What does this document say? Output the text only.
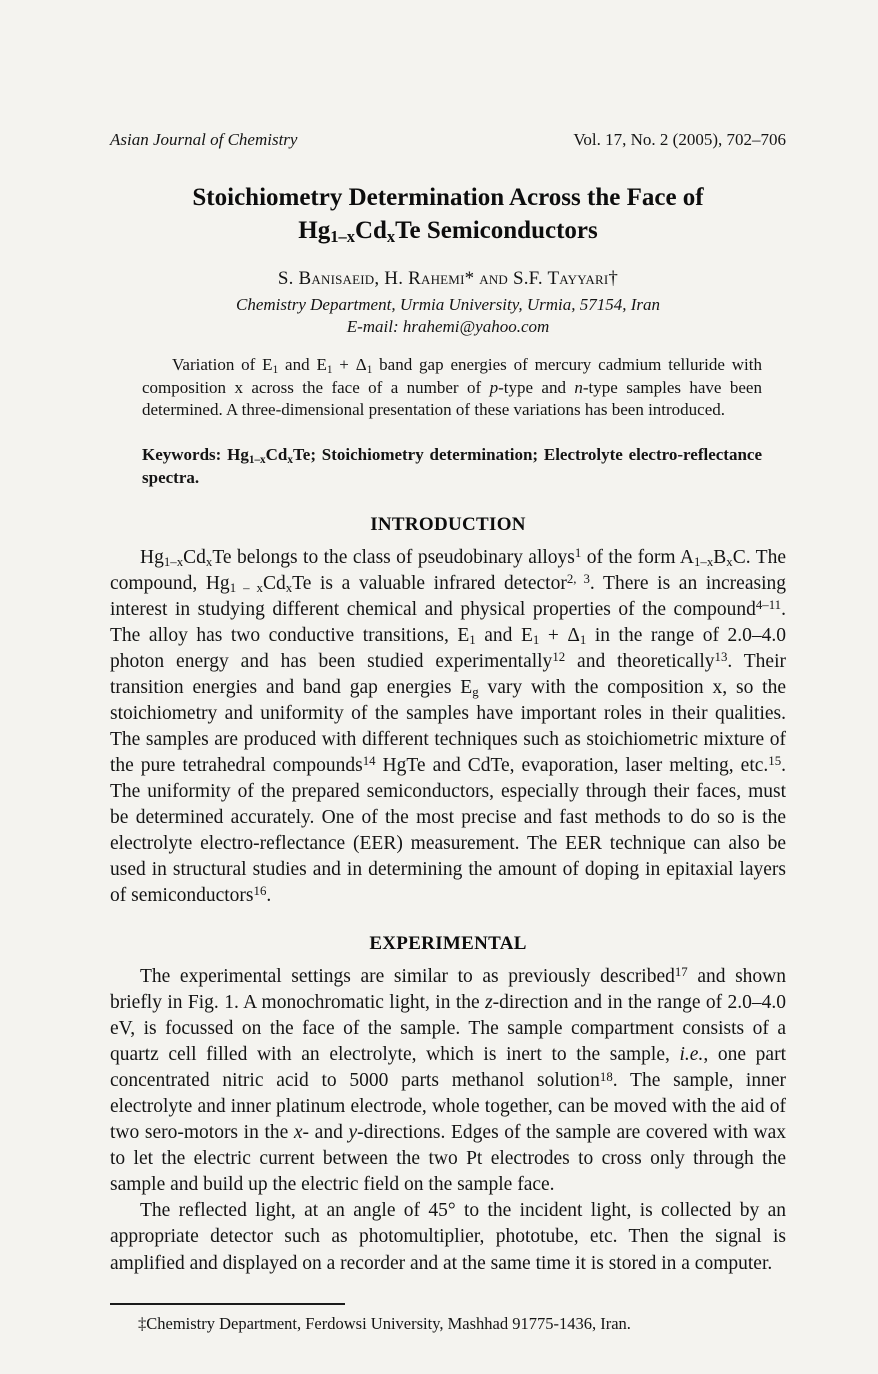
Asian Journal of Chemistry	Vol. 17, No. 2 (2005), 702–706
Stoichiometry Determination Across the Face of
$Hg_{1-x}Cd_xTe$ Semiconductors
S. Banisaeid, H. Rahemi* and S.F. Tayyari†
Chemistry Department, Urmia University, Urmia, 57154, Iran
E-mail: hrahemi@yahoo.com
Variation of $E_1$ and $E_1 + \Delta_1$ band gap energies of mercury cadmium telluride with composition x across the face of a number of p-type and n-type samples have been determined. A three-dimensional presentation of these variations has been introduced.
Keywords: $Hg_{1-x}Cd_xTe$; Stoichiometry determination; Electrolyte electro-reflectance spectra.
INTRODUCTION

$Hg_{1-x}Cd_xTe$ belongs to the class of pseudobinary alloys$^1$ of the form $A_{1-x}B_xC$. The compound, $Hg_{1 - x}Cd_xTe$ is a valuable infrared detector$^{2, 3}$. There is an increasing interest in studying different chemical and physical properties of the compound$^{4-11}$. The alloy has two conductive transitions, $E_1$ and $E_1 + \Delta_1$ in the range of 2.0–4.0 photon energy and has been studied experimentally$^{12}$ and theoretically$^{13}$. Their transition energies and band gap energies $E_g$ vary with the composition x, so the stoichiometry and uniformity of the samples have important roles in their qualities. The samples are produced with different techniques such as stoichiometric mixture of the pure tetrahedral compounds$^{14}$ HgTe and CdTe, evaporation, laser melting, etc.$^{15}$. The uniformity of the prepared semiconductors, especially through their faces, must be determined accurately. One of the most precise and fast methods to do so is the electrolyte electro-reflectance (EER) measurement. The EER technique can also be used in structural studies and in determining the amount of doping in epitaxial layers of semiconductors$^{16}$.

EXPERIMENTAL

The experimental settings are similar to as previously described$^{17}$ and shown briefly in Fig. 1. A monochromatic light, in the z-direction and in the range of 2.0–4.0 eV, is focussed on the face of the sample. The sample compartment consists of a quartz cell filled with an electrolyte, which is inert to the sample, i.e., one part concentrated nitric acid to 5000 parts methanol solution$^{18}$. The sample, inner electrolyte and inner platinum electrode, whole together, can be moved with the aid of two sero-motors in the x- and y-directions. Edges of the sample are covered with wax to let the electric current between the two Pt electrodes to cross only through the sample and build up the electric field on the sample face.

The reflected light, at an angle of 45° to the incident light, is collected by an appropriate detector such as photomultiplier, phototube, etc. Then the signal is amplified and displayed on a recorder and at the same time it is stored in a computer.

‡Chemistry Department, Ferdowsi University, Mashhad 91775-1436, Iran.
